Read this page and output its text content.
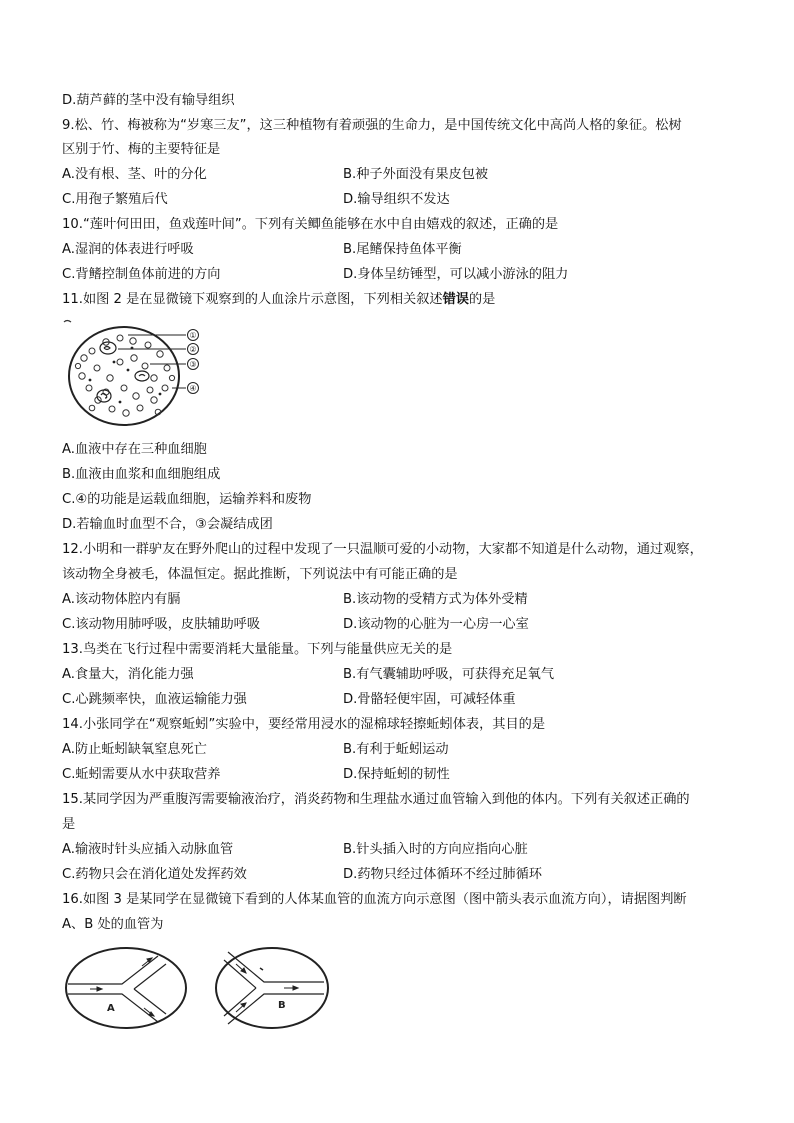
D.葫芦藓的茎中没有输导组织
9.松、竹、梅被称为“岁寒三友”，这三种植物有着顽强的生命力，是中国传统文化中高尚人格的象征。松树
区别于竹、梅的主要特征是
A.没有根、茎、叶的分化	B.种子外面没有果皮包被
C.用孢子繁殖后代	D.输导组织不发达
10.“莲叶何田田，鱼戏莲叶间”。下列有关鲫鱼能够在水中自由嬉戏的叙述，正确的是
A.湿润的体表进行呼吸	B.尾鳍保持鱼体平衡
C.背鳍控制鱼体前进的方向	D.身体呈纺锤型，可以减小游泳的阻力
11.如图 2 是在显微镜下观察到的人血涂片示意图，下列相关叙述错误的是
①
②
③
④
A.血液中存在三种血细胞
B.血液由血浆和血细胞组成
C.④的功能是运载血细胞，运输养料和废物
D.若输血时血型不合，③会凝结成团
12.小明和一群驴友在野外爬山的过程中发现了一只温顺可爱的小动物，大家都不知道是什么动物，通过观察，
该动物全身被毛，体温恒定。据此推断，下列说法中有可能正确的是
A.该动物体腔内有膈	B.该动物的受精方式为体外受精
C.该动物用肺呼吸，皮肤辅助呼吸	D.该动物的心脏为一心房一心室
13.鸟类在飞行过程中需要消耗大量能量。下列与能量供应无关的是
A.食量大，消化能力强	B.有气囊辅助呼吸，可获得充足氧气
C.心跳频率快，血液运输能力强	D.骨骼轻便牢固，可减轻体重
14.小张同学在“观察蚯蚓”实验中，要经常用浸水的湿棉球轻擦蚯蚓体表，其目的是
A.防止蚯蚓缺氧窒息死亡	B.有利于蚯蚓运动
C.蚯蚓需要从水中获取营养	D.保持蚯蚓的韧性
15.某同学因为严重腹泻需要输液治疗，消炎药物和生理盐水通过血管输入到他的体内。下列有关叙述正确的
是
A.输液时针头应插入动脉血管	B.针头插入时的方向应指向心脏
C.药物只会在消化道处发挥药效	D.药物只经过体循环不经过肺循环
16.如图 3 是某同学在显微镜下看到的人体某血管的血流方向示意图（图中箭头表示血流方向），请据图判断
A、B 处的血管为
A	B
